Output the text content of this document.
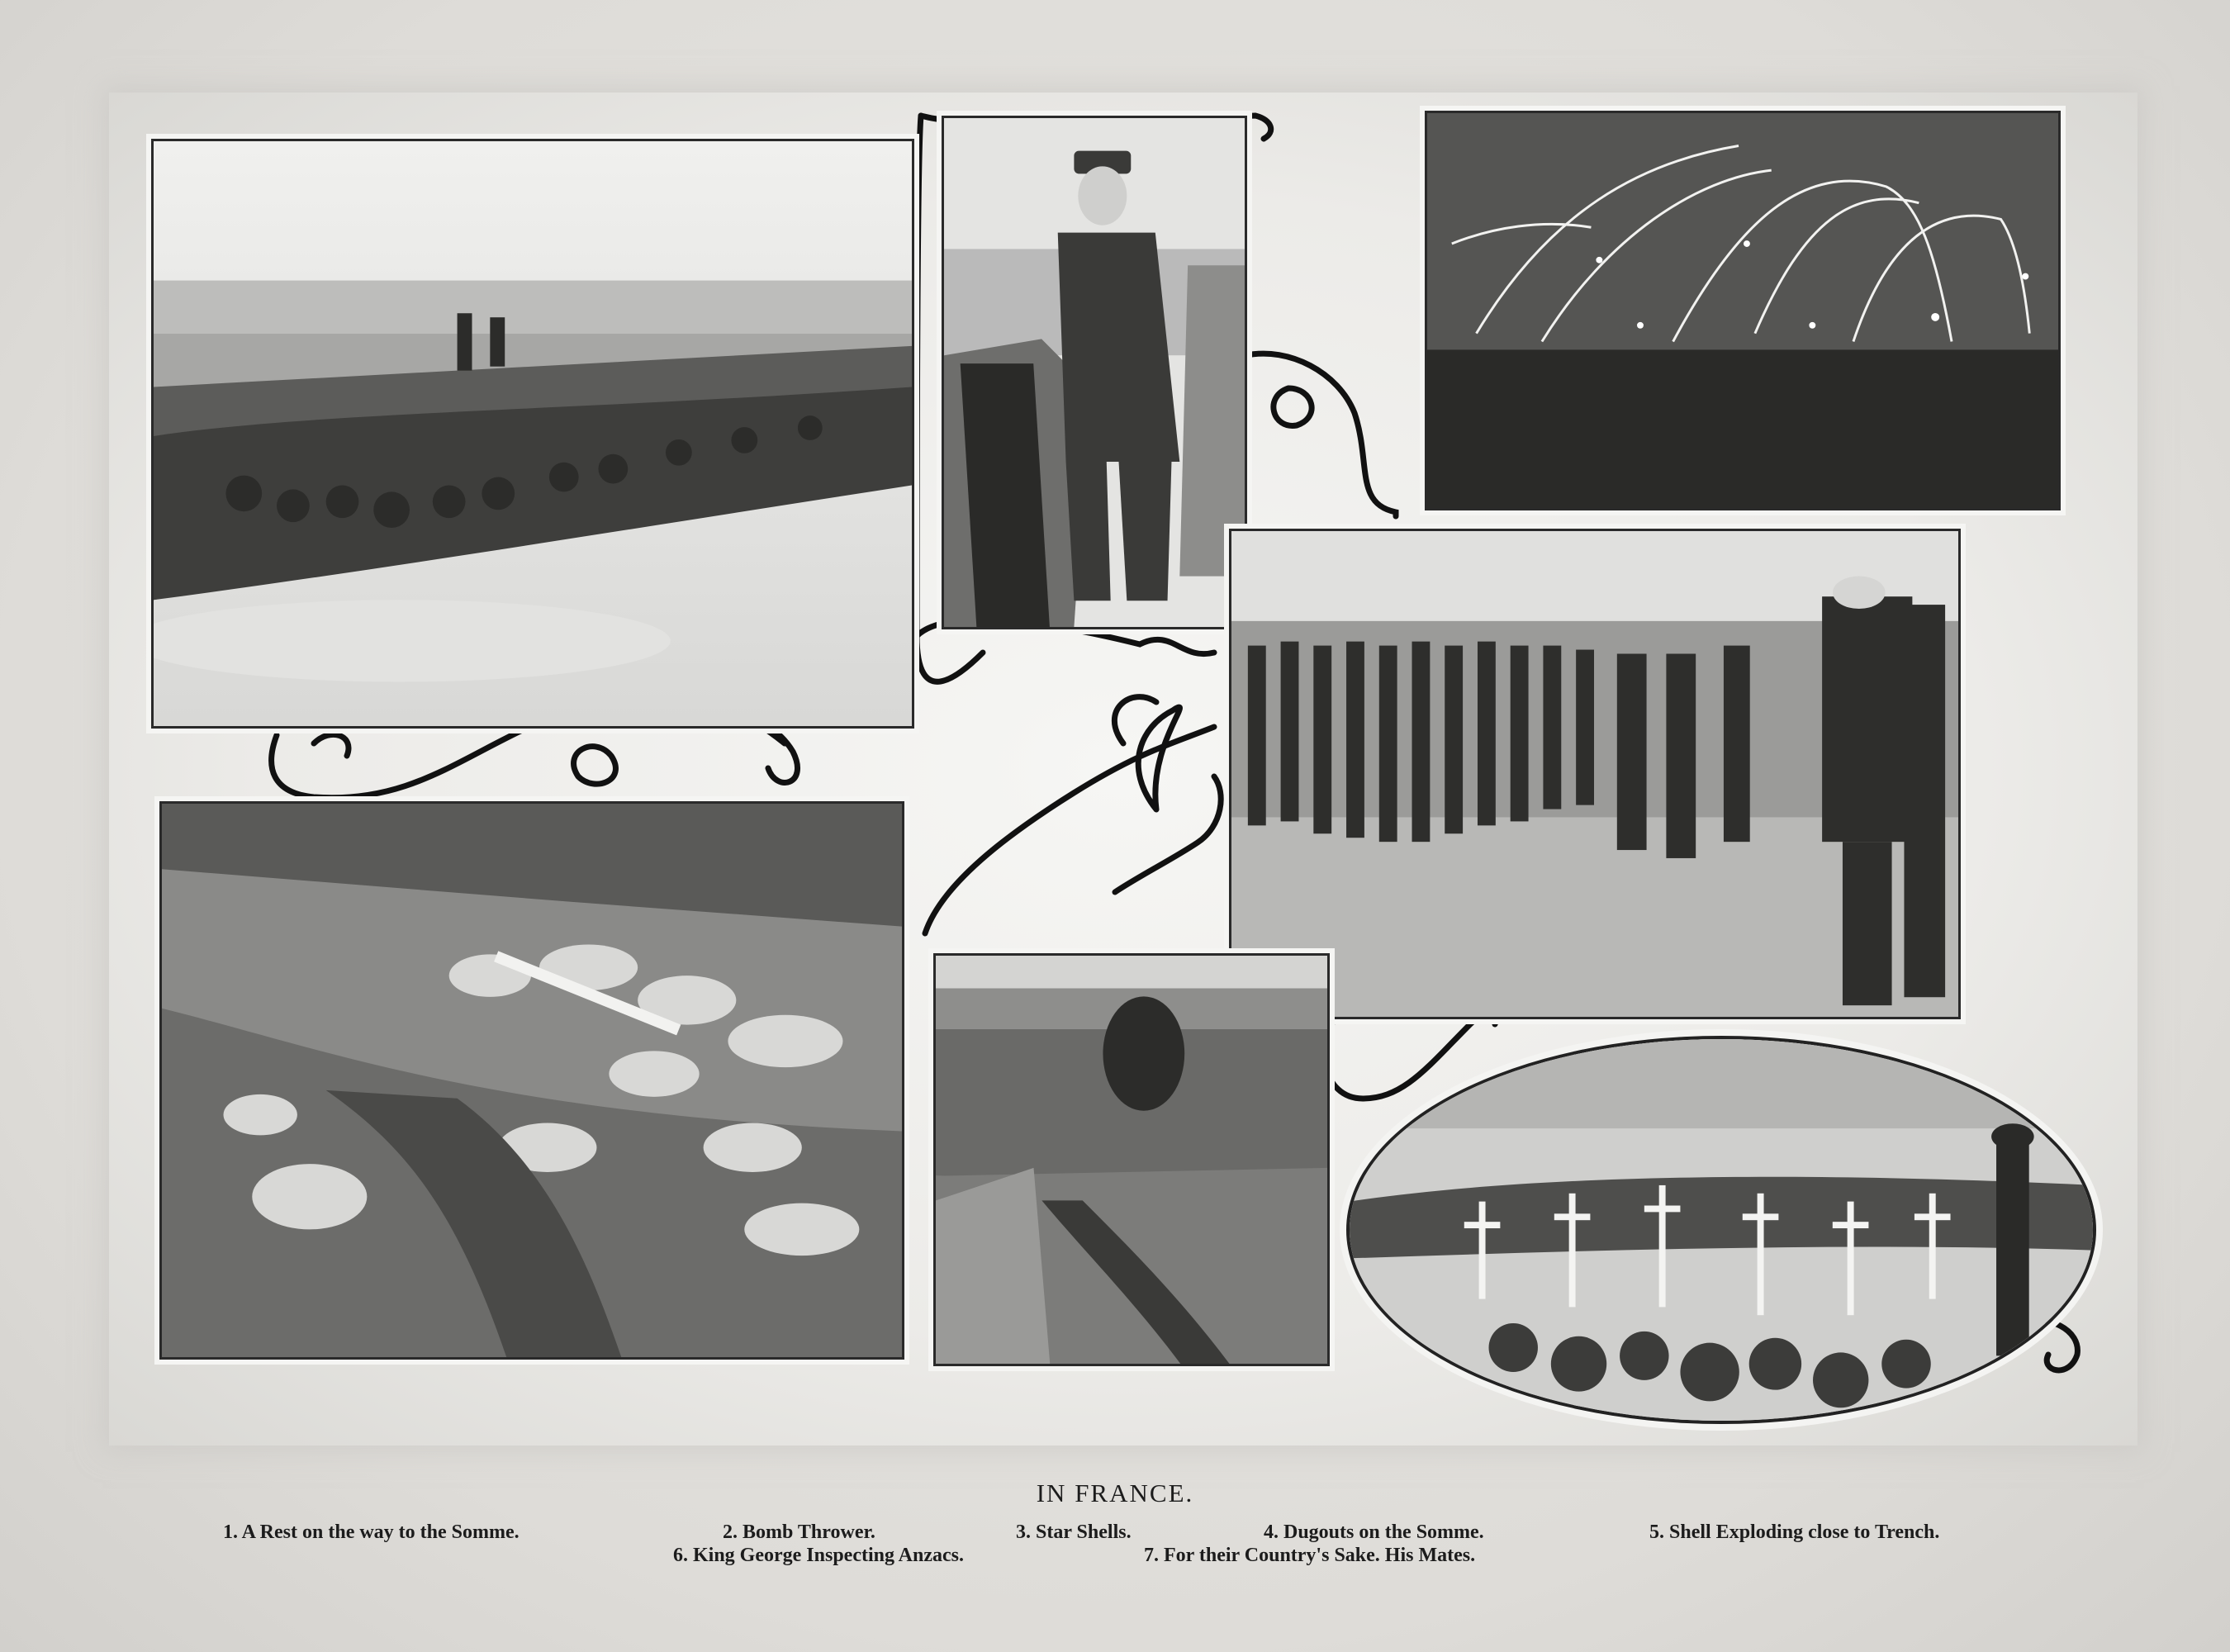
IN FRANCE.
1. A Rest on the way to the Somme.	2. Bomb Thrower.	3. Star Shells.	4. Dugouts on the Somme.	5. Shell Exploding close to Trench.
6. King George Inspecting Anzacs.	7. For their Country's Sake. His Mates.
